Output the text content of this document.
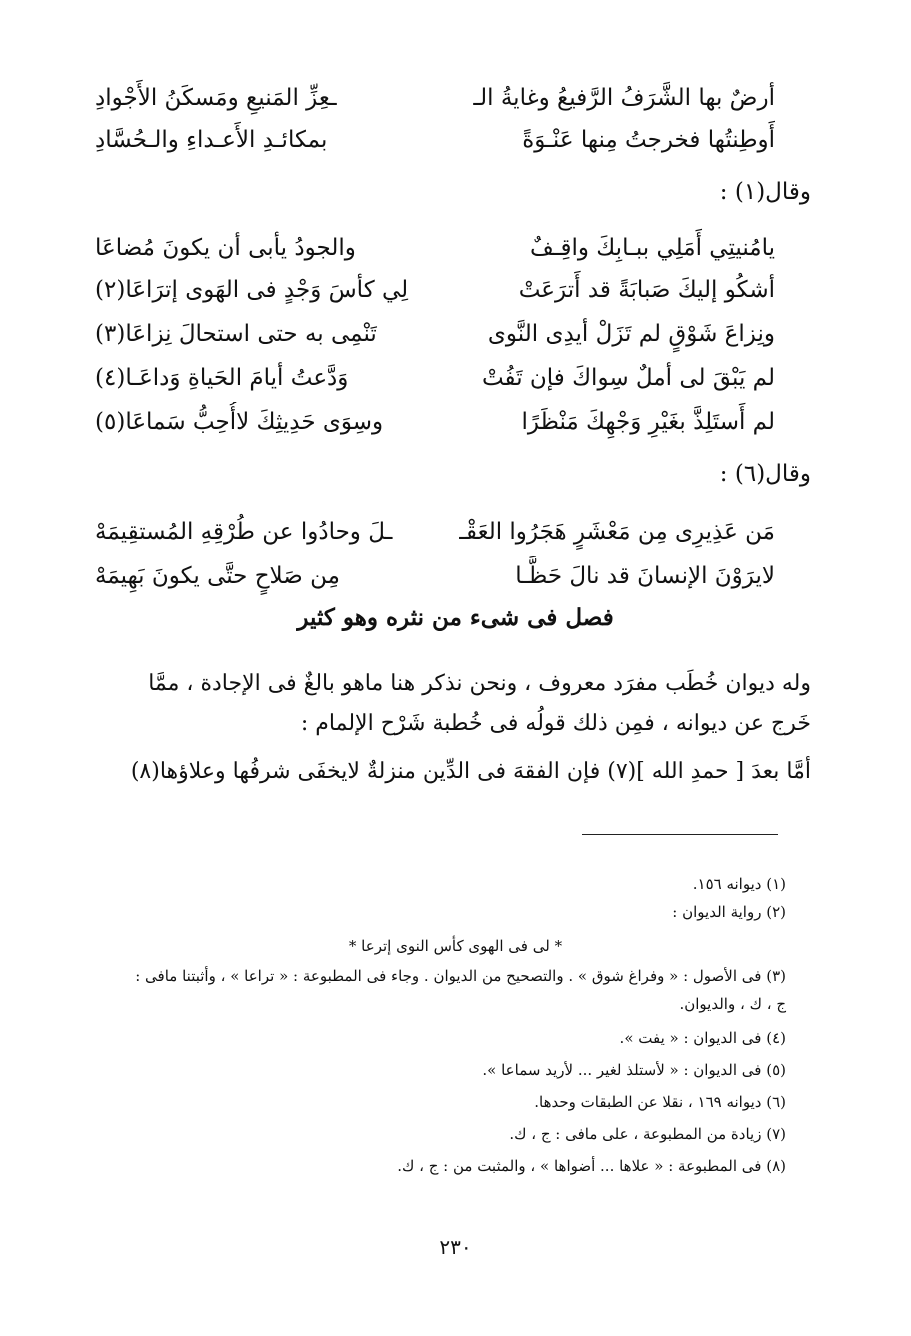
أرضٌ بها الشَّرَفُ الرَّفيعُ وغايةُ الـ
ـعِزِّ المَنيعِ ومَسكَنُ الأَجْوادِ
أَوطِنتُها فخرجتُ مِنها عَنْـوَةً
بمكائـدِ الأَعـداءِ والـحُسَّادِ
وقال(١) :
يامُنيتِي أَمَلِي ببـابِكَ واقِـفٌ
والجودُ يأبى أن يكونَ مُضاعَا
أشكُو إليكَ صَبابَةً قد أَترَعَتْ
لِي كأسَ وَجْدٍ فى الهَوى إترَاعَا(٢)
ونِزاعَ شَوْقٍ لم تَزَلْ أيدِى النَّوى
تَنْمِى به حتى استحالَ نِزاعَا(٣)
لم يَبْقَ لى أملٌ سِواكَ فإن تَفُتْ
وَدَّعتُ أيامَ الحَياةِ وَداعَـا(٤)
لم أَستَلِذَّ بغَيْرِ وَجْهِكَ مَنْظَرًا
وسِوَى حَدِيثِكَ لاأُحِبُّ سَماعَا(٥)
وقال(٦) :
مَن عَذِيرِى مِن مَعْشَرٍ هَجَرُوا العَقْـ
ـلَ وحادُوا عن طُرْقِهِ المُستقِيمَهْ
لايرَوْنَ الإنسانَ قد نالَ حَظًّـا
مِن صَلاحٍ حتَّى يكونَ بَهِيمَهْ
فصل فى شىء من نثره وهو كثير
وله ديوان خُطَب مفرَد معروف ، ونحن نذكر هنا ماهو بالغٌ فى الإجادة ، ممَّا
خَرج عن ديوانه ، فمِن ذلك قولُه فى خُطبة شَرْح الإلمام :
أمَّا بعدَ [ حمدِ الله ](٧) فإن الفقهَ فى الدِّين منزلةٌ لايخفَى شرفُها وعلاؤها(٨)
(١) ديوانه ١٥٦.
(٢) رواية الديوان :
* لى فى الهوى كأس النوى إترعا *
(٣) فى الأصول : « وفراغ شوق » . والتصحيح من الديوان . وجاء فى المطبوعة : « تراعا » ، وأثبتنا مافى :
ج ، ك ، والديوان.
(٤) فى الديوان : « يفت ».
(٥) فى الديوان : « لأستلذ لغير ... لأريد سماعا ».
(٦) ديوانه ١٦٩ ، نقلا عن الطبقات وحدها.
(٧) زيادة من المطبوعة ، على مافى : ج ، ك.
(٨) فى المطبوعة : « علاها ... أضواها » ، والمثبت من : ج ، ك.
٢٣٠
